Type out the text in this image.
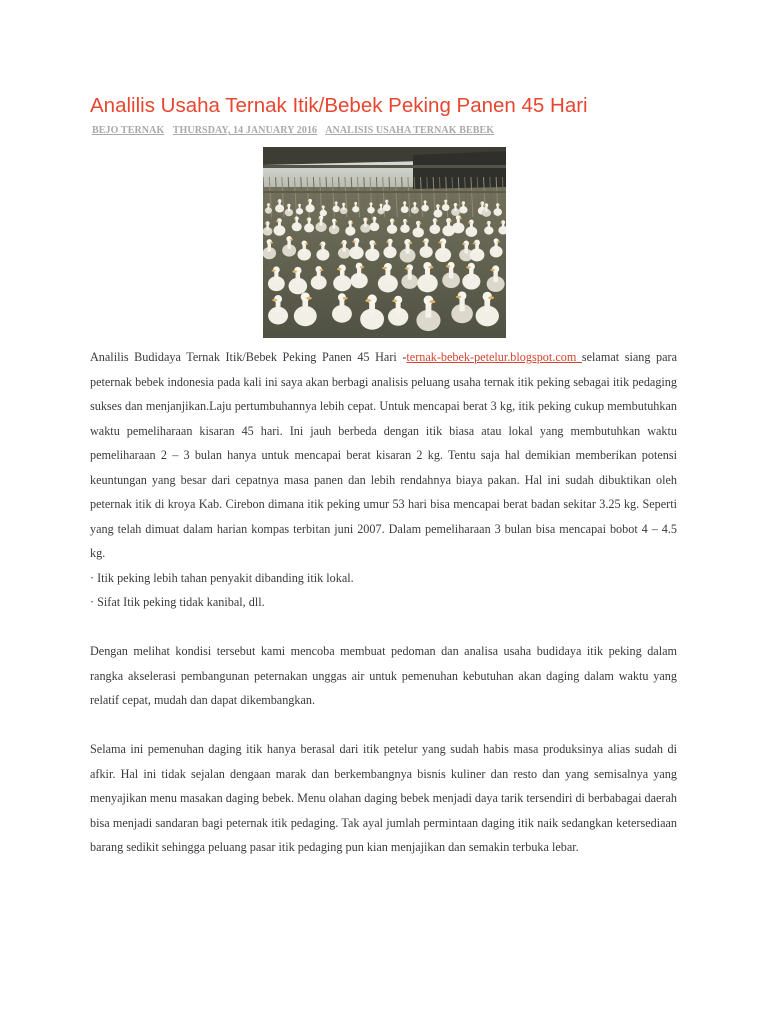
Analilis Usaha Ternak Itik/Bebek Peking Panen 45 Hari
BEJO TERNAK THURSDAY, 14 JANUARY 2016 ANALISIS USAHA TERNAK BEBEK

Analilis Budidaya Ternak Itik/Bebek Peking Panen 45 Hari -ternak-bebek-petelur.blogspot.com selamat siang para peternak bebek indonesia pada kali ini saya akan berbagi analisis peluang usaha ternak itik peking sebagai itik pedaging sukses dan menjanjikan.Laju pertumbuhannya lebih cepat. Untuk mencapai berat 3 kg, itik peking cukup membutuhkan waktu pemeliharaan kisaran 45 hari. Ini jauh berbeda dengan itik biasa atau lokal yang membutuhkan waktu pemeliharaan 2 – 3 bulan hanya untuk mencapai berat kisaran 2 kg. Tentu saja hal demikian memberikan potensi keuntungan yang besar dari cepatnya masa panen dan lebih rendahnya biaya pakan. Hal ini sudah dibuktikan oleh peternak itik di kroya Kab. Cirebon dimana itik peking umur 53 hari bisa mencapai berat badan sekitar 3.25 kg. Seperti yang telah dimuat dalam harian kompas terbitan juni 2007. Dalam pemeliharaan 3 bulan bisa mencapai bobot 4 – 4.5 kg.

· Itik peking lebih tahan penyakit dibanding itik lokal.
· Sifat Itik peking tidak kanibal, dll.

Dengan melihat kondisi tersebut kami mencoba membuat pedoman dan analisa usaha budidaya itik peking dalam rangka akselerasi pembangunan peternakan unggas air untuk pemenuhan kebutuhan akan daging dalam waktu yang relatif cepat, mudah dan dapat dikembangkan.

Selama ini pemenuhan daging itik hanya berasal dari itik petelur yang sudah habis masa produksinya alias sudah di afkir. Hal ini tidak sejalan dengaan marak dan berkembangnya bisnis kuliner dan resto dan yang semisalnya yang menyajikan menu masakan daging bebek. Menu olahan daging bebek menjadi daya tarik tersendiri di berbabagai daerah bisa menjadi sandaran bagi peternak itik pedaging. Tak ayal jumlah permintaan daging itik naik sedangkan ketersediaan barang sedikit sehingga peluang pasar itik pedaging pun kian menjajikan dan semakin terbuka lebar.
